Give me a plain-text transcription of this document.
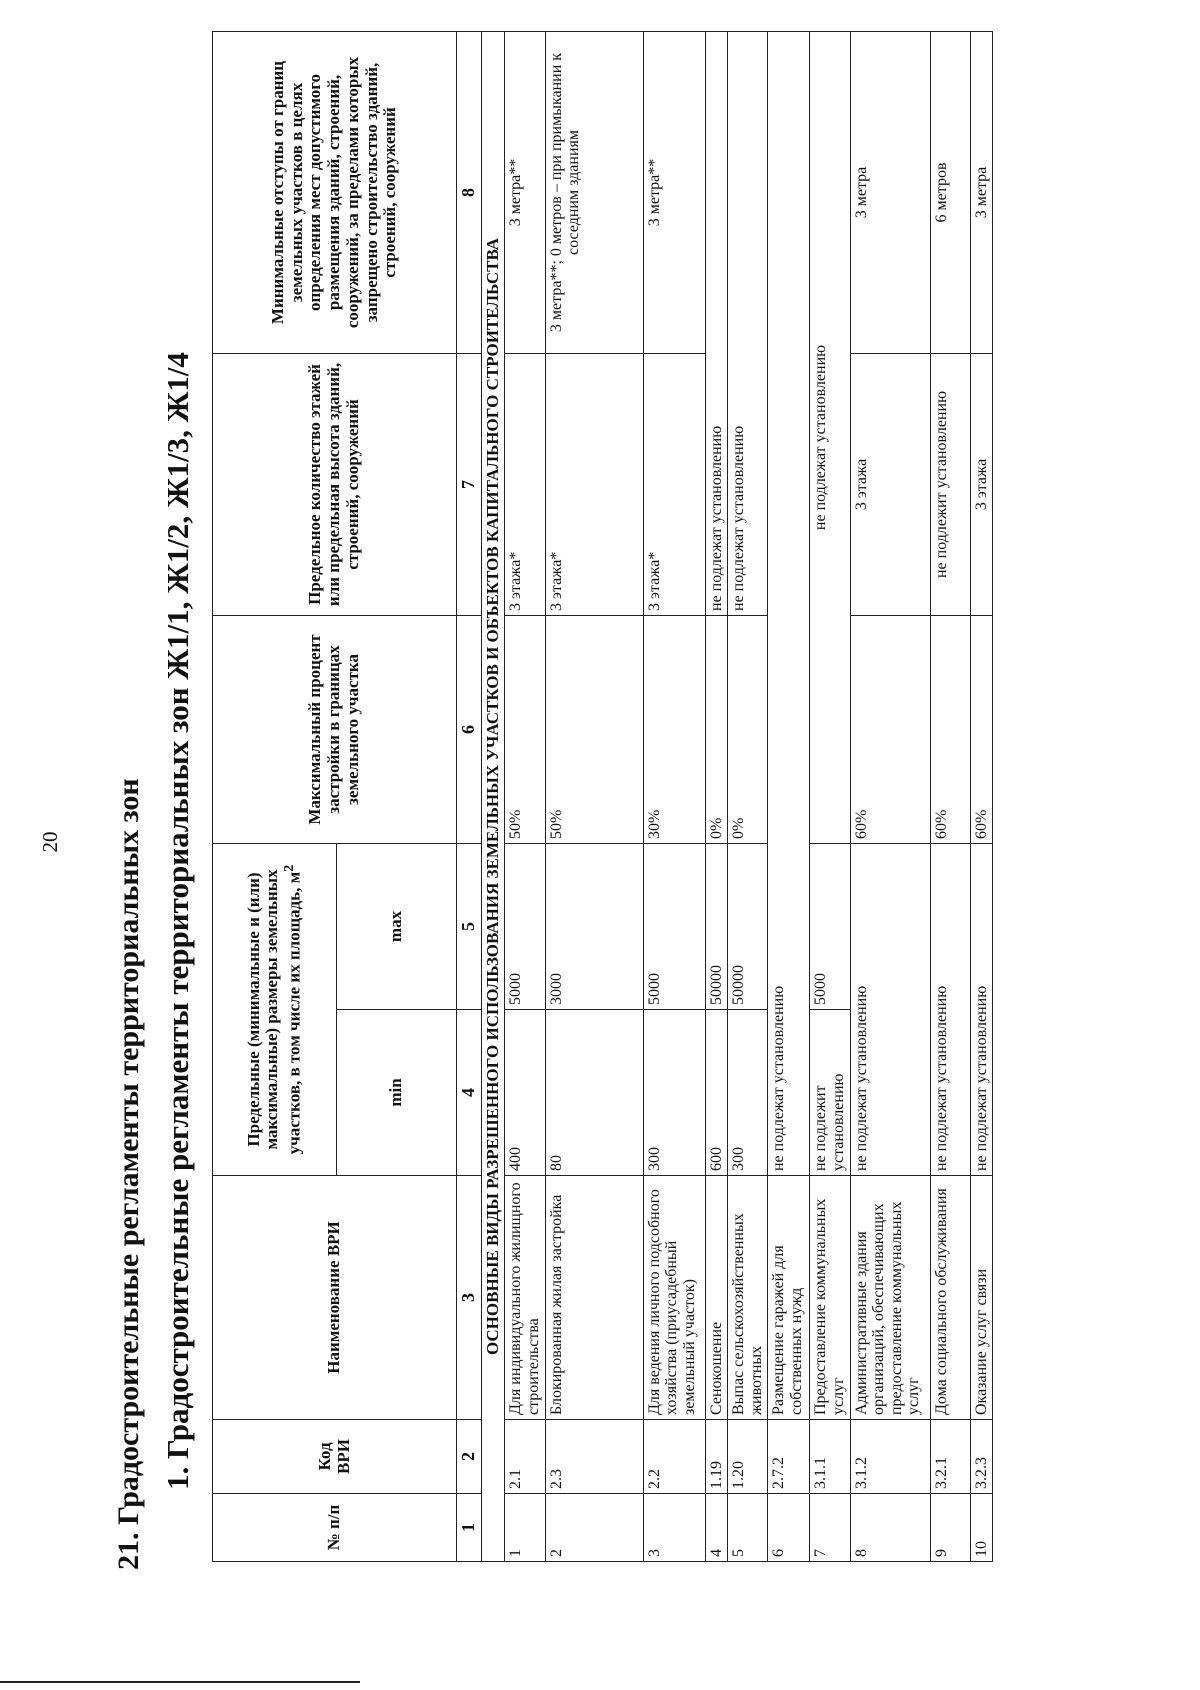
20 21. Градостроительные регламенты территориальных зон 1. Градостроительные регламенты территориальных зон Ж1/1, Ж1/2, Ж1/3, Ж1/4
№ п/п	Код ВРИ	Наименование ВРИ	Предельные (минимальные и (или) максимальные) размеры земельных участков, в том числе их площадь, $м^2$		Максимальный процент застройки в границах земельного участка	Предельное количество этажей или предельная высота зданий, строений, сооружений	Минимальные отступы от границ земельных участков в целях определения мест допустимого размещения зданий, строений, сооружений, за пределами которых запрещено строительство зданий, строений, сооружений
			min	max			
1	2	3	4	5	6	7	8
ОСНОВНЫЕ ВИДЫ РАЗРЕШЕННОГО ИСПОЛЬЗОВАНИЯ ЗЕМЕЛЬНЫХ УЧАСТКОВ И ОБЪЕКТОВ КАПИТАЛЬНОГО СТРОИТЕЛЬСТВА							
1	2.1	Для индивидуального жилищного строительства	400	5000	50%	3 этажа*	3 метра**
2	2.3	Блокированная жилая застройка	80	3000	50%	3 этажа*	3 метра**; 0 метров – при примыкании к соседним зданиям
3	2.2	Для ведения личного подсобного хозяйства (приусадебный земельный участок)	300	5000	30%	3 этажа*	3 метра**
4	1.19	Сенокошение	600	50000	0%	не подлежат установлению	
5	1.20	Выпас сельскохозяйственных животных	300	50000	0%	не подлежат установлению	
6	2.7.2	Размещение гаражей для собственных нужд	не подлежат установлению				
7	3.1.1	Предоставление коммунальных услуг	не подлежит установлению	5000	не подлежат установлению		
8	3.1.2	Административные здания организаций, обеспечивающих предоставление коммунальных услуг	не подлежат установлению		60%	3 этажа	3 метра
9	3.2.1	Дома социального обслуживания	не подлежат установлению		60%	не подлежит установлению	6 метров
10	3.2.3	Оказание услуг связи	не подлежат установлению		60%	3 этажа	3 метра
